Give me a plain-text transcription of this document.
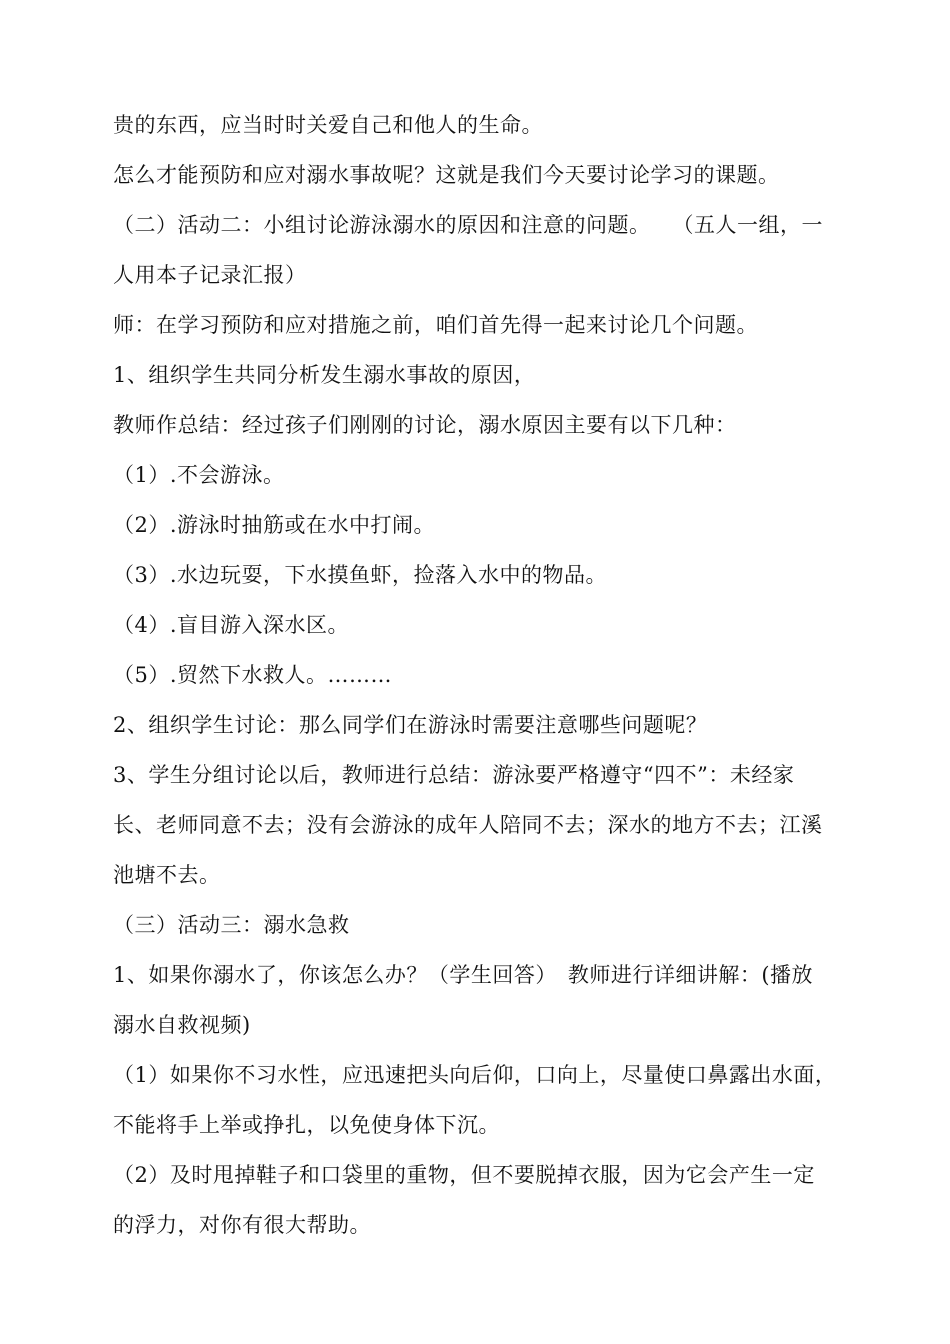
贵的东西，应当时时关爱自己和他人的生命。
怎么才能预防和应对溺水事故呢？这就是我们今天要讨论学习的课题。
（二）活动二：小组讨论游泳溺水的原因和注意的问题。　　（五人一组，一
人用本子记录汇报）
师：在学习预防和应对措施之前，咱们首先得一起来讨论几个问题。
1、组织学生共同分析发生溺水事故的原因，
教师作总结：经过孩子们刚刚的讨论，溺水原因主要有以下几种：
（1）.不会游泳。
（2）.游泳时抽筋或在水中打闹。
（3）.水边玩耍，下水摸鱼虾，捡落入水中的物品。
（4）.盲目游入深水区。
（5）.贸然下水救人。………
2、组织学生讨论：那么同学们在游泳时需要注意哪些问题呢？
3、学生分组讨论以后，教师进行总结：游泳要严格遵守“四不”：未经家
长、老师同意不去；没有会游泳的成年人陪同不去；深水的地方不去；江溪
池塘不去。
（三）活动三：溺水急救
1、如果你溺水了，你该怎么办？（学生回答）　教师进行详细讲解：(播放
溺水自救视频)
（1）如果你不习水性，应迅速把头向后仰，口向上，尽量使口鼻露出水面，
不能将手上举或挣扎，以免使身体下沉。
（2）及时甩掉鞋子和口袋里的重物，但不要脱掉衣服，因为它会产生一定
的浮力，对你有很大帮助。
